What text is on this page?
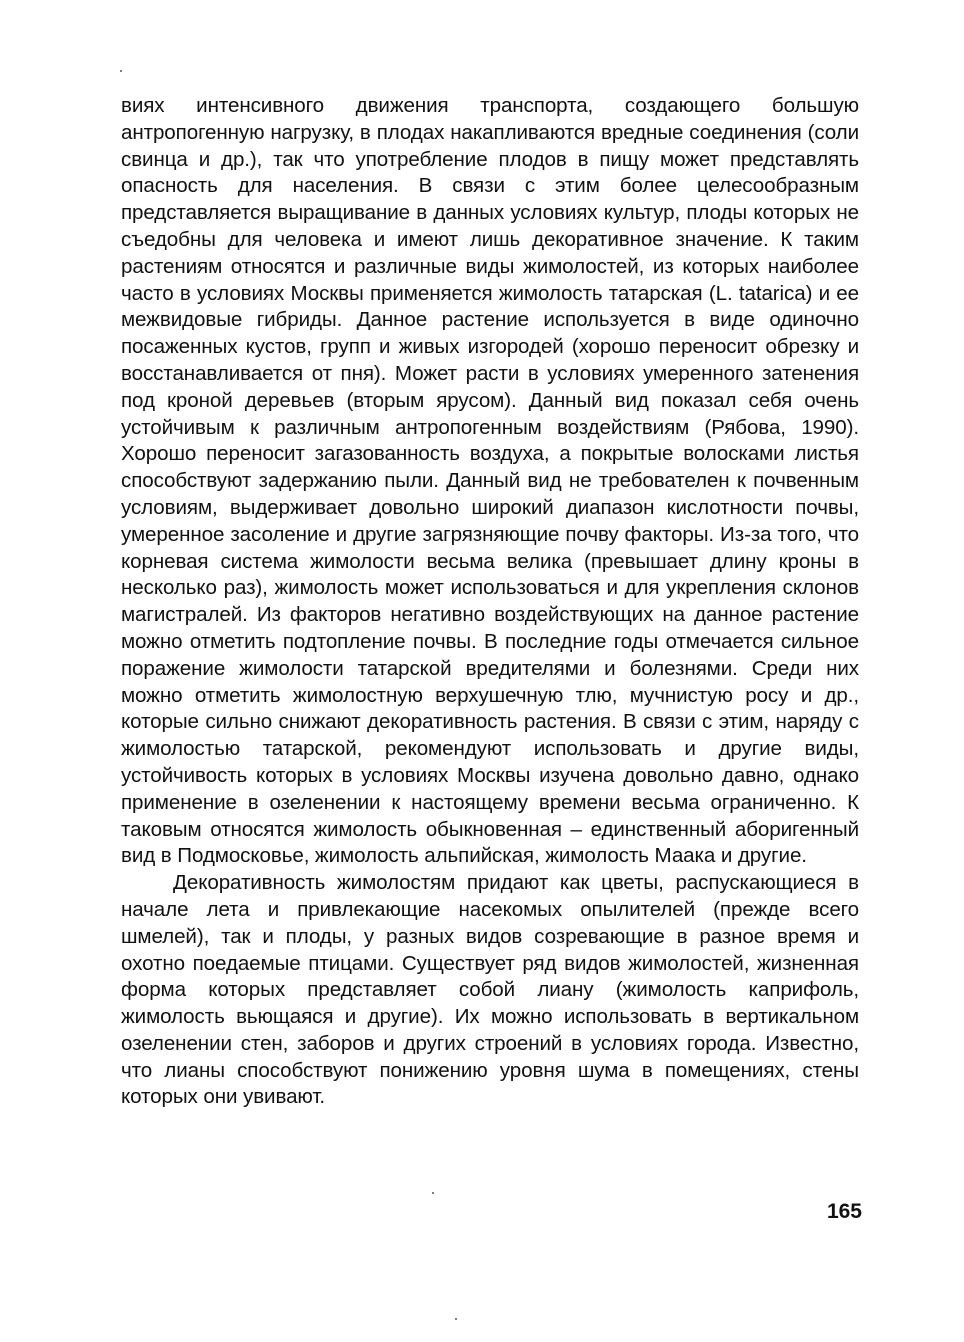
виях интенсивного движения транспорта, создающего большую антропогенную нагрузку, в плодах накапливаются вредные соединения (соли свинца и др.), так что употребление плодов в пищу может представлять опасность для населения. В связи с этим более целесообразным представляется выращивание в данных условиях культур, плоды которых не съедобны для человека и имеют лишь декоративное значение. К таким растениям относятся и различные виды жимолостей, из которых наиболее часто в условиях Москвы применяется жимолость татарская (L. tatarica) и ее межвидовые гибриды. Данное растение используется в виде одиночно посаженных кустов, групп и живых изгородей (хорошо переносит обрезку и восстанавливается от пня). Может расти в условиях умеренного затенения под кроной деревьев (вторым ярусом). Данный вид показал себя очень устойчивым к различным антропогенным воздействиям (Рябова, 1990). Хорошо переносит загазованность воздуха, а покрытые волосками листья способствуют задержанию пыли. Данный вид не требователен к почвенным условиям, выдерживает довольно широкий диапазон кислотности почвы, умеренное засоление и другие загрязняющие почву факторы. Из-за того, что корневая система жимолости весьма велика (превышает длину кроны в несколько раз), жимолость может использоваться и для укрепления склонов магистралей. Из факторов негативно воздействующих на данное растение можно отметить подтопление почвы. В последние годы отмечается сильное поражение жимолости татарской вредителями и болезнями. Среди них можно отметить жимолостную верхушечную тлю, мучнистую росу и др., которые сильно снижают декоративность растения. В связи с этим, наряду с жимолостью татарской, рекомендуют использовать и другие виды, устойчивость которых в условиях Москвы изучена довольно давно, однако применение в озеленении к настоящему времени весьма ограниченно. К таковым относятся жимолость обыкновенная – единственный аборигенный вид в Подмосковье, жимолость альпийская, жимолость Маака и другие.

Декоративность жимолостям придают как цветы, распускающиеся в начале лета и привлекающие насекомых опылителей (прежде всего шмелей), так и плоды, у разных видов созревающие в разное время и охотно поедаемые птицами. Существует ряд видов жимолостей, жизненная форма которых представляет собой лиану (жимолость каприфоль, жимолость вьющаяся и другие). Их можно использовать в вертикальном озеленении стен, заборов и других строений в условиях города. Известно, что лианы способствуют понижению уровня шума в помещениях, стены которых они увивают.

165
